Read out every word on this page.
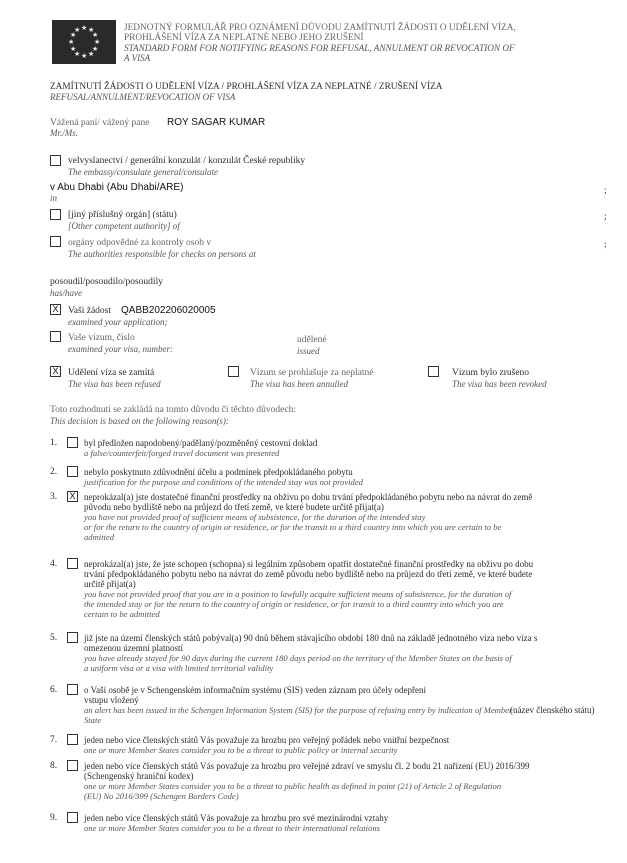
★ ★
★
★
★
★
★
★
★
★
★
★	JEDNOTNÝ FORMULÁŘ PRO OZNÁMENÍ DŮVODU ZAMÍTNUTÍ ŽÁDOSTI O UDĚLENÍ VÍZA,
PROHLÁŠENÍ VÍZA ZA NEPLATNÉ NEBO JEHO ZRUŠENÍ
STANDARD FORM FOR NOTIFYING REASONS FOR REFUSAL, ANNULMENT OR REVOCATION OF
A VISA
ZAMÍTNUTÍ ŽÁDOSTI O UDĚLENÍ VÍZA / PROHLÁŠENÍ VÍZA ZA NEPLATNÉ / ZRUŠENÍ VÍZA
REFUSAL/ANNULMENT/REVOCATION OF VISA
Vážená paní/ vážený pane ROY SAGAR KUMAR
Mr./Ms.
velvyslanectví / generální konzulát / konzulát České republiky
The embassy/consulate general/consulate
v Abu Dhabi (Abu Dhabi/ARE)
in
;
[jiný příslušný orgán] (státu)
[Other competent authority] of
;
orgány odpovědné za kontroly osob v
The authorities responsible for checks on persons at
;
posoudil/posoudilo/posoudily
has/have
X Vaši žádost QABB202206020005
examined your application;
Vaše vízum, číslo
examined your visa, number:
udělené
issued
X Udělení víza se zamítá
The visa has been refused
Vízum se prohlašuje za neplatné
The visa has been annulled
Vízum bylo zrušeno
The visa has been revoked
Toto rozhodnutí se zakládá na tomto důvodu či těchto důvodech:
This decision is based on the following reason(s):
1.	byl předložen napodobený/padělaný/pozměněný cestovní doklad
a false/counterfeit/forged travel document was presented
2.	nebylo poskytnuto zdůvodnění účelu a podmínek předpokládaného pobytu
justification for the purpose and conditions of the intended stay was not provided
3. X neprokázal(a) jste dostatečné finanční prostředky na obživu po dobu trvání předpokládaného pobytu nebo na návrat do země
původu nebo bydliště nebo na průjezd do třetí země, ve které budete určitě přijat(a)
you have not provided proof of sufficient means of subsistence, for the duration of the intended stay
or for the return to the country of origin or residence, or for the transit to a third country into which you are certain to be
admitted
4.	neprokázal(a) jste, že jste schopen (schopna) si legálním způsobem opatřit dostatečné finanční prostředky na obživu po dobu
trvání předpokládaného pobytu nebo na návrat do země původu nebo bydliště nebo na průjezd do třetí země, ve které budete
určitě přijat(a)
you have not provided proof that you are in a position to lawfully acquire sufficient means of subsistence, for the duration of
the intended stay or for the return to the country of origin or residence, or for transit to a third country into which you are
certain to be admitted
5.	již jste na území členských států pobýval(a) 90 dnů během stávajícího období 180 dnů na základě jednotného víza nebo víza s
omezenou územní platností
you have already stayed for 90 days during the current 180 days period on the territory of the Member States on the basis of
a uniform visa or a visa with limited territorial validity
6.	o Vaší osobě je v Schengenském informačním systému (SIS) veden záznam pro účely odepření
vstupu vložený
an alert has been issued in the Schengen Information System (SIS) for the purpose of refusing entry by indication of Member
State
(název členského státu)
7.	jeden nebo více členských států Vás považuje za hrozbu pro veřejný pořádek nebo vnitřní bezpečnost
one or more Member States consider you to be a threat to public policy or internal security
8.	jeden nebo více členských států Vás považuje za hrozbu pro veřejné zdraví ve smyslu čl. 2 bodu 21 nařízení (EU) 2016/399
(Schengenský hraniční kodex)
one or more Member States consider you to be a threat to public health as defined in point (21) of Article 2 of Regulation
(EU) No 2016/399 (Schengen Borders Code)
9.	jeden nebo více členských států Vás považuje za hrozbu pro své mezinárodní vztahy
one or more Member States consider you to be a threat to their international relations
